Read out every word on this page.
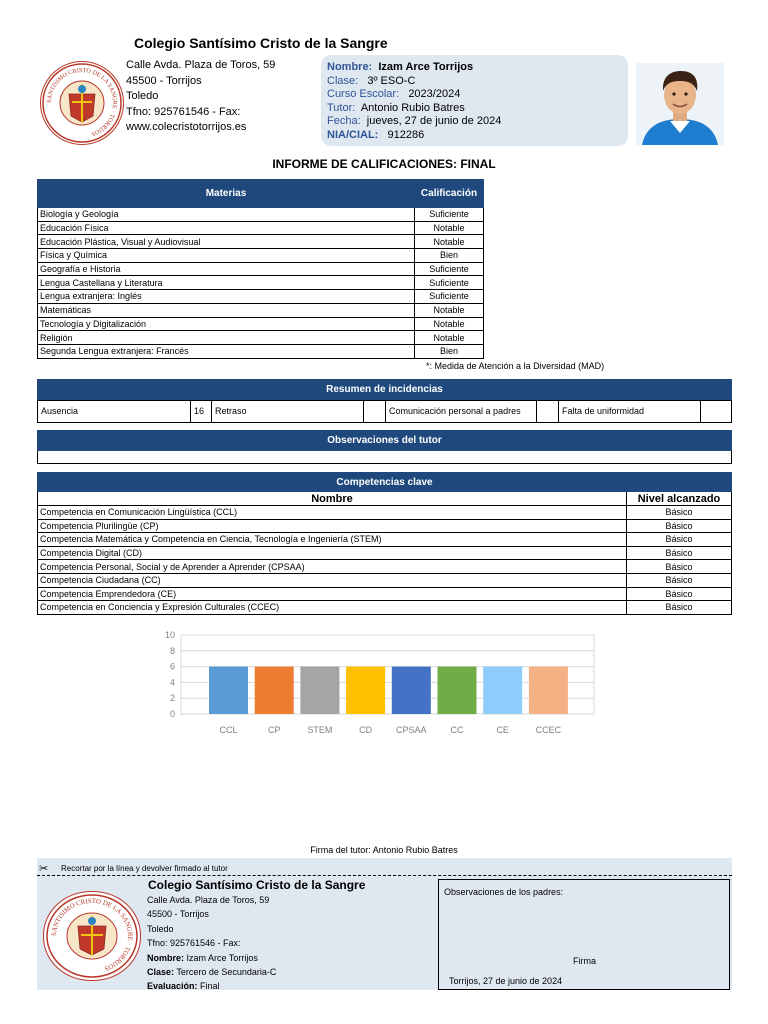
Colegio Santísimo Cristo de la Sangre
SANTISIMO CRISTO DE LA SANGRE · TORRIJOS
Calle Avda. Plaza de Toros, 59
45500 - Torrijos
Toledo
Tfno: 925761546 - Fax:
www.colecristotorrijos.es
Nombre: Izam Arce Torrijos
Clase: 3º ESO-C
Curso Escolar: 2023/2024
Tutor: Antonio Rubio Batres
Fecha: jueves, 27 de junio de 2024
NIA/CIAL: 912286
INFORME DE CALIFICACIONES: FINAL
Materias	Calificación
Biología y Geología	Suficiente
Educación Física	Notable
Educación Plástica, Visual y Audiovisual	Notable
Física y Química	Bien
Geografía e Historia	Suficiente
Lengua Castellana y Literatura	Suficiente
Lengua extranjera: Inglés	Suficiente
Matemáticas	Notable
Tecnología y Digitalización	Notable
Religión	Notable
Segunda Lengua extranjera: Francés	Bien
*: Medida de Atención a la Diversidad (MAD)
Resumen de incidencias
Ausencia	16	Retraso		Comunicación personal a padres		Falta de uniformidad	
Observaciones del tutor
Competencias clave
Nombre	Nivel alcanzado
Competencia en Comunicación Lingüística (CCL)	Básico
Competencia Plurilingüe (CP)	Básico
Competencia Matemática y Competencia en Ciencia, Tecnología e Ingeniería (STEM)	Básico
Competencia Digital (CD)	Básico
Competencia Personal, Social y de Aprender a Aprender (CPSAA)	Básico
Competencia Ciudadana (CC)	Básico
Competencia Emprendedora (CE)	Básico
Competencia en Conciencia y Expresión Culturales (CCEC)	Básico
0
2
4
6
8
10
CCL	CP	STEM	CD	CPSAA	CC	CE	CCEC
Firma del tutor: Antonio Rubio Batres
✂ Recortar por la línea y devolver firmado al tutor
SANTISIMO CRISTO DE LA SANGRE · TORRIJOS
Colegio Santísimo Cristo de la Sangre
Calle Avda. Plaza de Toros, 59
45500 - Torrijos
Toledo
Tfno: 925761546 - Fax:
Nombre: Izam Arce Torrijos
Clase: Tercero de Secundaria-C
Evaluación: Final
Observaciones de los padres:
Firma
Torrijos, 27 de junio de 2024
